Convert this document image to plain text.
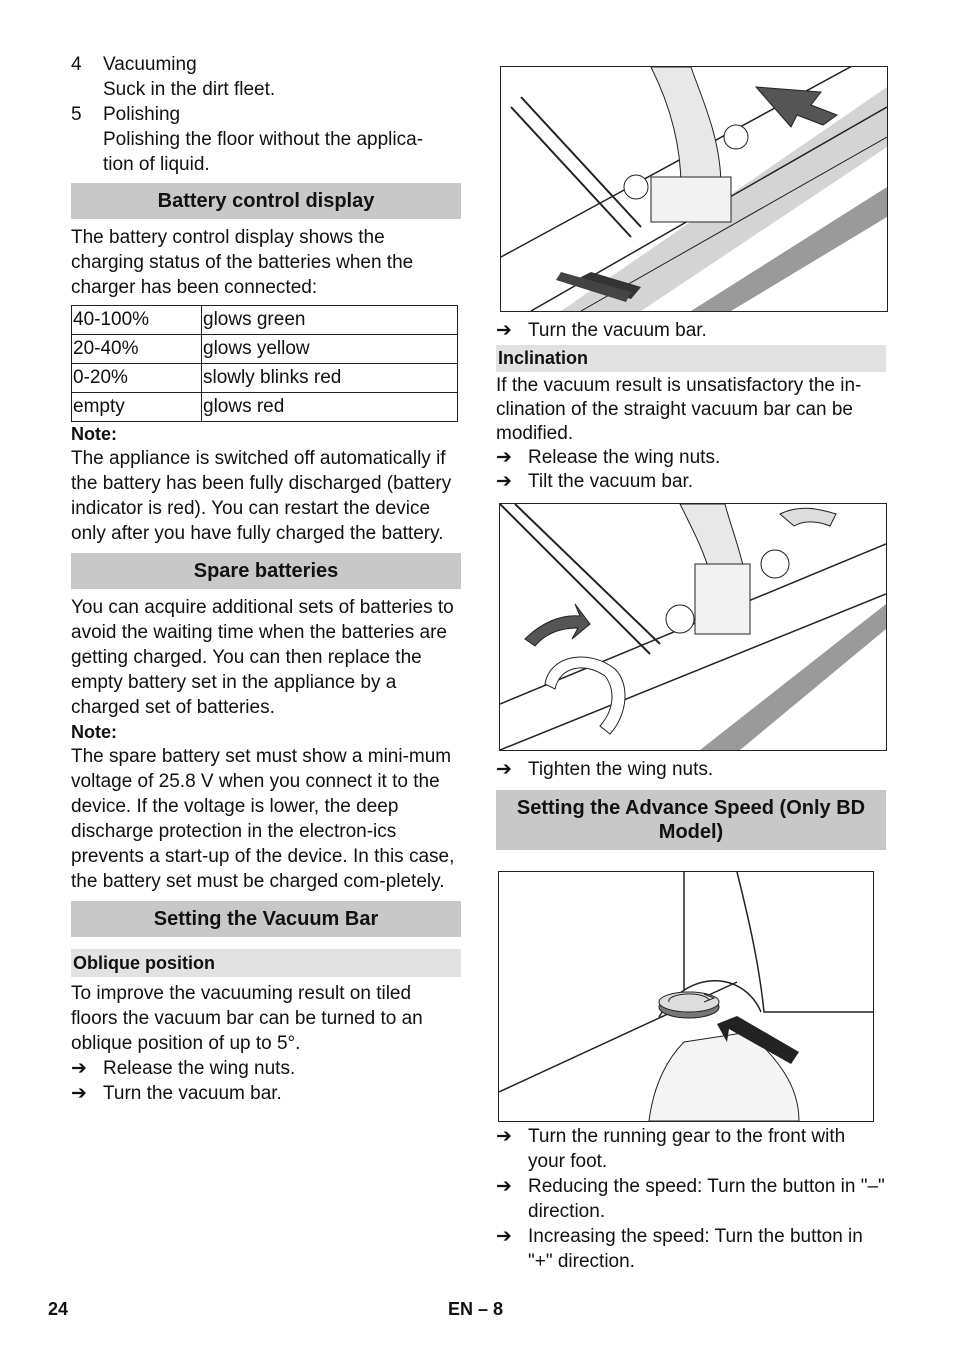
4	Vacuuming
Suck in the dirt fleet.
5	Polishing
Polishing the floor without the applica-tion of liquid.
Battery control display

The battery control display shows the charging status of the batteries when the charger has been connected:

40-100%	glows green
20-40%	glows yellow
0-20%	slowly blinks red
empty	glows red
Note:

The appliance is switched off automatically if the battery has been fully discharged (battery indicator is red). You can restart the device only after you have fully charged the battery.

Spare batteries

You can acquire additional sets of batteries to avoid the waiting time when the batteries are getting charged. You can then replace the empty battery set in the appliance by a charged set of batteries.

Note:

The spare battery set must show a mini-mum voltage of 25.8 V when you connect it to the device. If the voltage is lower, the deep discharge protection in the electron-ics prevents a start-up of the device. In this case, the battery set must be charged com-pletely.

Setting the Vacuum Bar
Oblique position

To improve the vacuuming result on tiled floors the vacuum bar can be turned to an oblique position of up to 5°.

➔ Release the wing nuts.
➔ Turn the vacuum bar.
➔ Turn the vacuum bar.
Inclination

If the vacuum result is unsatisfactory the in-clination of the straight vacuum bar can be modified.

➔ Release the wing nuts.
➔ Tilt the vacuum bar.
➔ Tighten the wing nuts.
Setting the Advance Speed (Only BD Model)
➔ Turn the running gear to the front with your foot.
➔ Reducing the speed: Turn the button in "–" direction.
➔ Increasing the speed: Turn the button in "+" direction.
24	EN – 8
